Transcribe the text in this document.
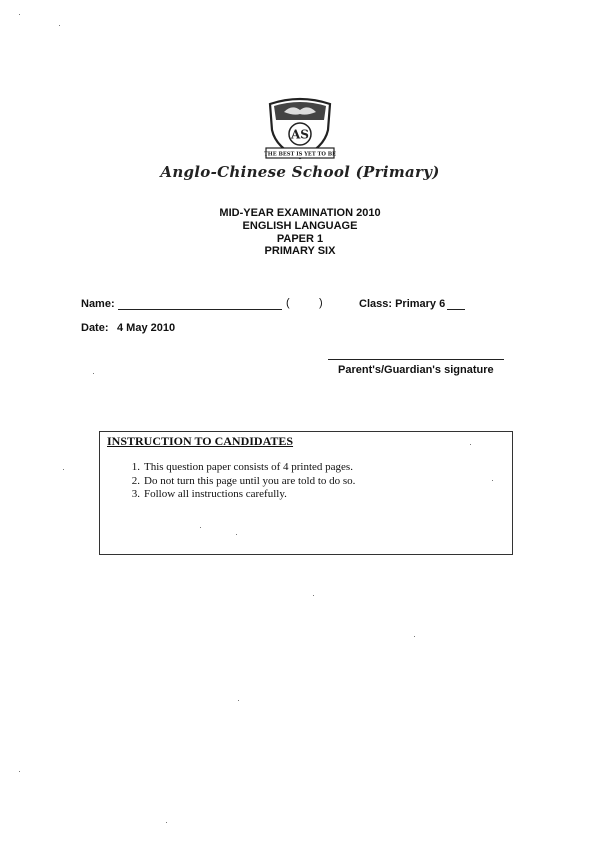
AS
THE BEST IS YET TO BE
Anglo-Chinese School (Primary)
MID-YEAR EXAMINATION 2010
ENGLISH LANGUAGE
PAPER 1
PRIMARY SIX
Name:	(	)	Class: Primary 6
Date: 4 May 2010
Parent's/Guardian's signature
INSTRUCTION TO CANDIDATES
1. This question paper consists of 4 printed pages.
2. Do not turn this page until you are told to do so.
3. Follow all instructions carefully.
